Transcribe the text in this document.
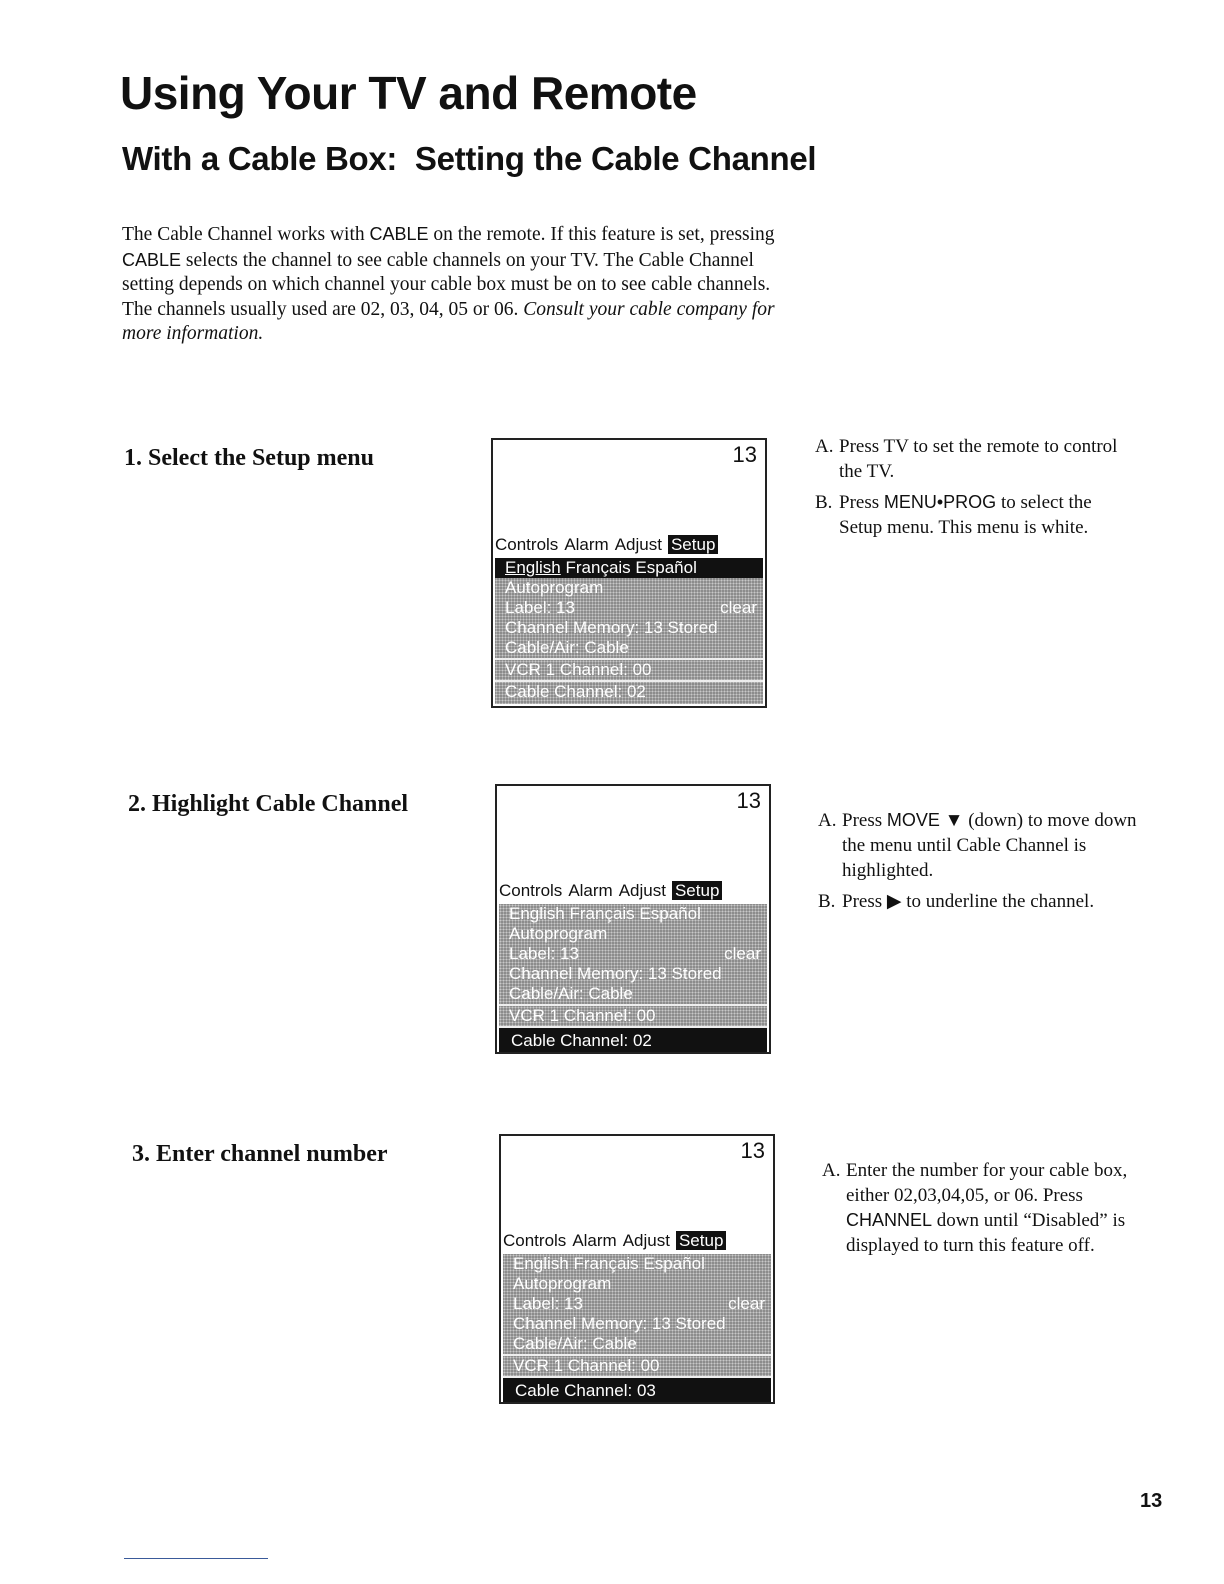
Using Your TV and Remote
With a Cable Box: Setting the Cable Channel

The Cable Channel works with CABLE on the remote. If this feature is set, pressing CABLE selects the channel to see cable channels on your TV. The Cable Channel setting depends on which channel your cable box must be on to see cable channels. The channels usually used are 02, 03, 04, 05 or 06. Consult your cable company for more information.

1. Select the Setup menu	13
Controls Alarm Adjust Setup
English Français Español
Autoprogram
Label: 13	clear
Channel Memory: 13 Stored
Cable/Air: Cable
VCR 1 Channel: 00
Cable Channel: 02

A. Press TV to set the remote to control the TV.

B. Press MENU•PROG to select the Setup menu. This menu is white.

2. Highlight Cable Channel	13
Controls Alarm Adjust Setup
English Français Español
Autoprogram
Label: 13	clear
Channel Memory: 13 Stored
Cable/Air: Cable
VCR 1 Channel: 00
Cable Channel: 02

A. Press MOVE ▼ (down) to move down the menu until Cable Channel is highlighted.

B. Press ▶ to underline the channel.

3. Enter channel number	13
Controls Alarm Adjust Setup
English Français Español
Autoprogram
Label: 13	clear
Channel Memory: 13 Stored
Cable/Air: Cable
VCR 1 Channel: 00
Cable Channel: 03

A. Enter the number for your cable box, either 02,03,04,05, or 06. Press CHANNEL down until “Disabled” is displayed to turn this feature off.

13
